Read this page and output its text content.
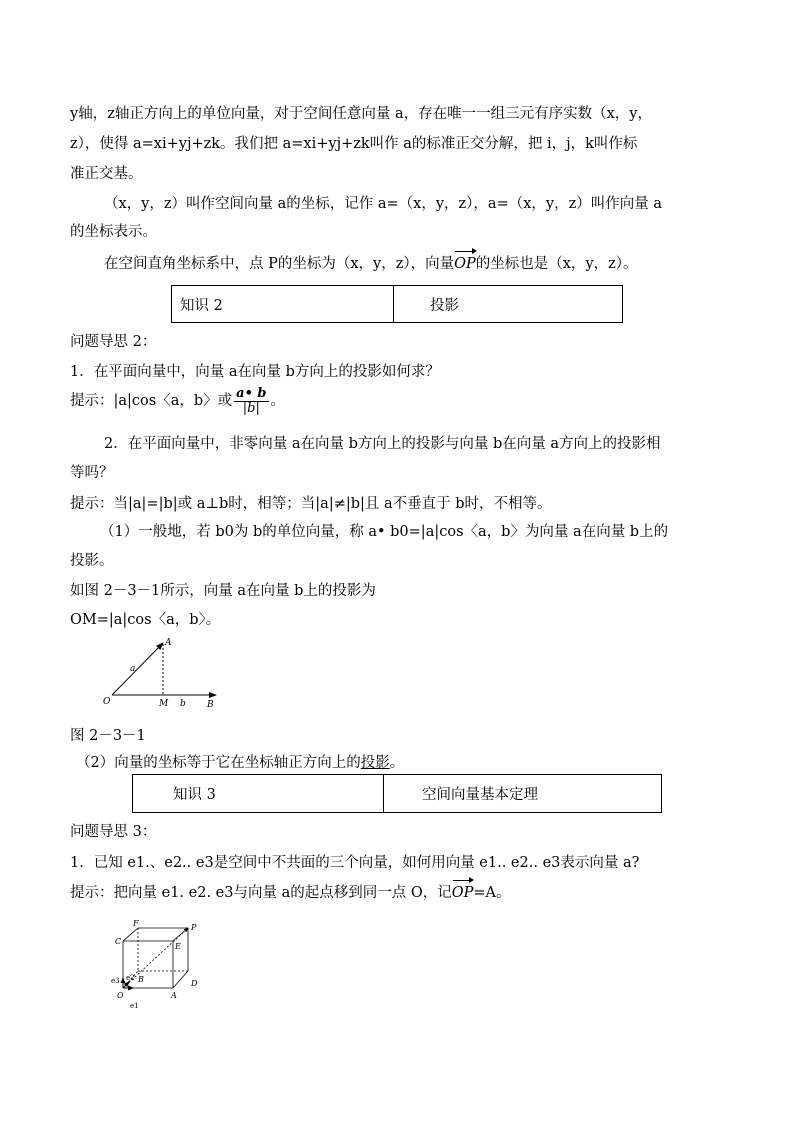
y轴，z轴正方向上的单位向量，对于空间任意向量 a，存在唯一一组三元有序实数（x，y，
z），使得 a=xi+yj+zk。我们把 a=xi+yj+zk叫作 a的标准正交分解，把 i，j，k叫作标
准正交基。
（x，y，z）叫作空间向量 a的坐标，记作 a=（x，y，z），a=（x，y，z）叫作向量 a
的坐标表示。
在空间直角坐标系中，点 P的坐标为（x，y，z），向量OP的坐标也是（x，y，z）。
知识 2	投影
问题导思 2：
1．在平面向量中，向量 a在向量 b方向上的投影如何求？
提示：|a|cos〈a，b〉或 $\frac{a• b}{|b|}$ 。
2．在平面向量中，非零向量 a在向量 b方向上的投影与向量 b在向量 a方向上的投影相
等吗？
提示：当|a|=|b|或 a⊥b时，相等；当|a|≠|b|且 a不垂直于 b时，不相等。
（1）一般地，若 b0为 b的单位向量，称 a• b0=|a|cos〈a，b〉为向量 a在向量 b上的
投影。
如图 2－3－1所示，向量 a在向量 b上的投影为
OM=|a|cos〈a，b〉。
A
O	M	B
a
b
图 2－3－1
（2）向量的坐标等于它在坐标轴正方向上的投影。
知识 3	空间向量基本定理
问题导思 3：
1．已知 e1.、e2.. e3是空间中不共面的三个向量，如何用向量 e1.. e2.. e3表示向量 a?
提示：把向量 e1. e2. e3与向量 a的起点移到同一点 O，记OP=A。
F	P
C
E
e3 e2 B	D
O	A
e1
